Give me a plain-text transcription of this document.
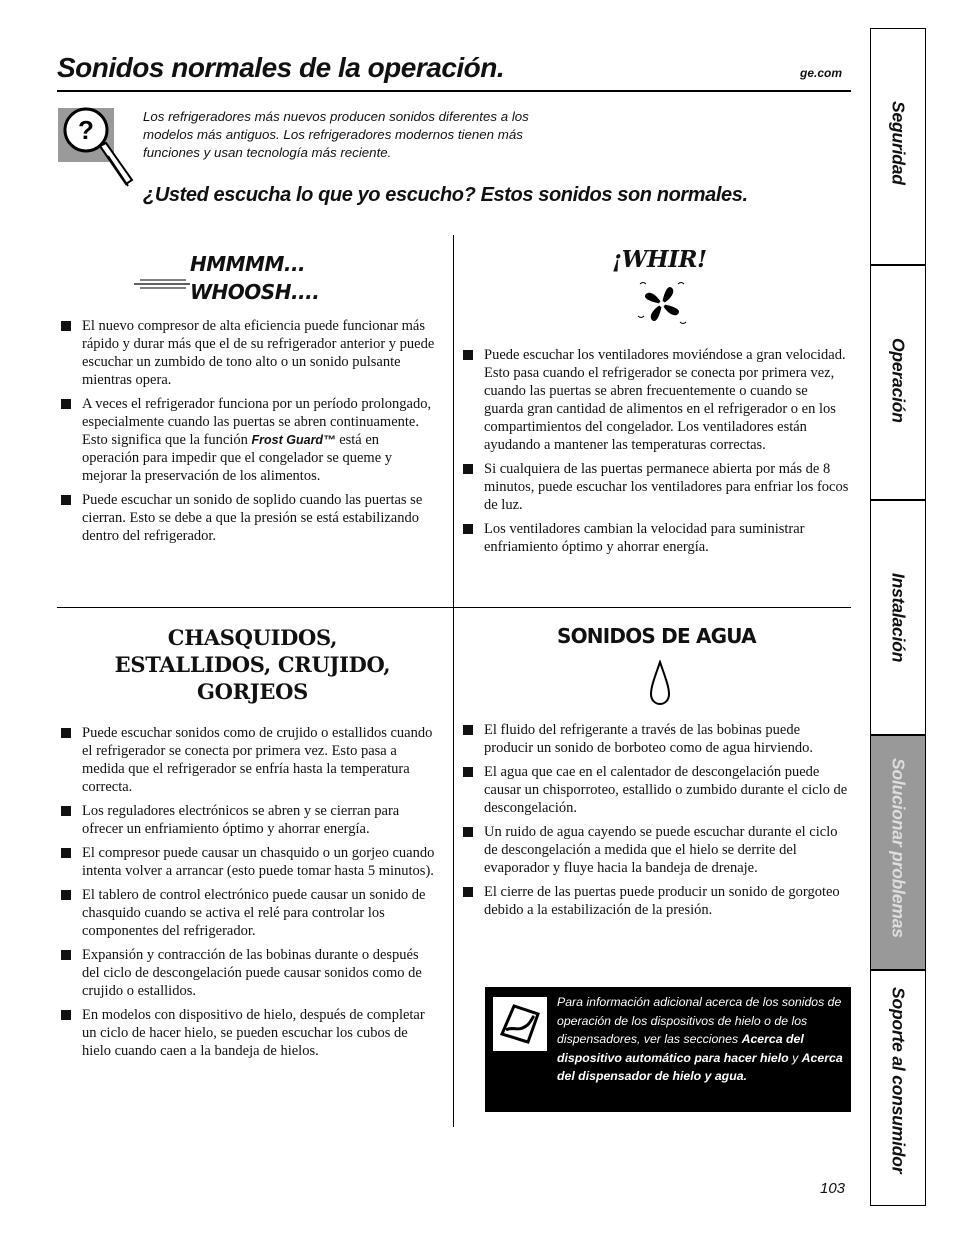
Sonidos normales de la operación.	ge.com
?	Los refrigeradores más nuevos producen sonidos diferentes a los modelos más antiguos. Los refrigeradores modernos tienen más funciones y usan tecnología más reciente.
¿Usted escucha lo que yo escucho? Estos sonidos son normales.
HMMMM...
WHOOSH....
El nuevo compresor de alta eficiencia puede funcionar más rápido y durar más que el de su refrigerador anterior y puede escuchar un zumbido de tono alto o un sonido pulsante mientras opera.
A veces el refrigerador funciona por un período prolongado, especialmente cuando las puertas se abren continuamente. Esto significa que la función Frost Guard™ está en operación para impedir que el congelador se queme y mejorar la preservación de los alimentos.
Puede escuchar un sonido de soplido cuando las puertas se cierran. Esto se debe a que la presión se está estabilizando dentro del refrigerador.
¡WHIR!
Puede escuchar los ventiladores moviéndose a gran velocidad. Esto pasa cuando el refrigerador se conecta por primera vez, cuando las puertas se abren frecuentemente o cuando se guarda gran cantidad de alimentos en el refrigerador o en los compartimientos del congelador. Los ventiladores están ayudando a mantener las temperaturas correctas.
Si cualquiera de las puertas permanece abierta por más de 8 minutos, puede escuchar los ventiladores para enfriar los focos de luz.
Los ventiladores cambian la velocidad para suministrar enfriamiento óptimo y ahorrar energía.
CHASQUIDOS,
ESTALLIDOS, CRUJIDO,
GORJEOS
Puede escuchar sonidos como de crujido o estallidos cuando el refrigerador se conecta por primera vez. Esto pasa a medida que el refrigerador se enfría hasta la temperatura correcta.
Los reguladores electrónicos se abren y se cierran para ofrecer un enfriamiento óptimo y ahorrar energía.
El compresor puede causar un chasquido o un gorjeo cuando intenta volver a arrancar (esto puede tomar hasta 5 minutos).
El tablero de control electrónico puede causar un sonido de chasquido cuando se activa el relé para controlar los componentes del refrigerador.
Expansión y contracción de las bobinas durante o después del ciclo de descongelación puede causar sonidos como de crujido o estallidos.
En modelos con dispositivo de hielo, después de completar un ciclo de hacer hielo, se pueden escuchar los cubos de hielo cuando caen a la bandeja de hielos.
SONIDOS DE AGUA
El fluido del refrigerante a través de las bobinas puede producir un sonido de borboteo como de agua hirviendo.
El agua que cae en el calentador de descongelación puede causar un chisporroteo, estallido o zumbido durante el ciclo de descongelación.
Un ruido de agua cayendo se puede escuchar durante el ciclo de descongelación a medida que el hielo se derrite del evaporador y fluye hacia la bandeja de drenaje.
El cierre de las puertas puede producir un sonido de gorgoteo debido a la estabilización de la presión.
Para información adicional acerca de los sonidos de operación de los dispositivos de hielo o de los dispensadores, ver las secciones Acerca del dispositivo automático para hacer hielo y Acerca del dispensador de hielo y agua.
103
Seguridad
Operación
Instalación
Solucionar problemas
Soporte al consumidor
